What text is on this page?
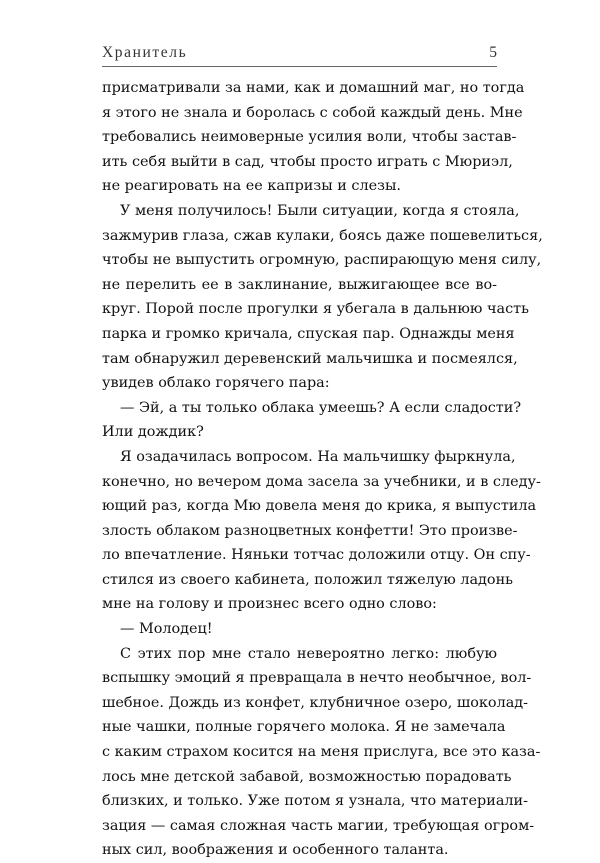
Хранитель	5
присматривали за нами, как и домашний маг, но тогда
я этого не знала и боролась с собой каждый день. Мне
требовались неимоверные усилия воли, чтобы застав-
ить себя выйти в сад, чтобы просто играть с Мюриэл,
не реагировать на ее капризы и слезы.
У меня получилось! Были ситуации, когда я стояла,
зажмурив глаза, сжав кулаки, боясь даже пошевелиться,
чтобы не выпустить огромную, распирающую меня силу,
не перелить ее в заклинание, выжигающее все во-
круг. Порой после прогулки я убегала в дальнюю часть
парка и громко кричала, спуская пар. Однажды меня
там обнаружил деревенский мальчишка и посмеялся,
увидев облако горячего пара:
— Эй, а ты только облака умеешь? А если сладости?
Или дождик?
Я озадачилась вопросом. На мальчишку фыркнула,
конечно, но вечером дома засела за учебники, и в следу-
ющий раз, когда Мю довела меня до крика, я выпустила
злость облаком разноцветных конфетти! Это произве-
ло впечатление. Няньки тотчас доложили отцу. Он спу-
стился из своего кабинета, положил тяжелую ладонь
мне на голову и произнес всего одно слово:
— Молодец!
С этих пор мне стало невероятно легко: любую
вспышку эмоций я превращала в нечто необычное, вол-
шебное. Дождь из конфет, клубничное озеро, шоколад-
ные чашки, полные горячего молока. Я не замечала
с каким страхом косится на меня прислуга, все это каза-
лось мне детской забавой, возможностью порадовать
близких, и только. Уже потом я узнала, что материали-
зация — самая сложная часть магии, требующая огром-
ных сил, воображения и особенного таланта.
